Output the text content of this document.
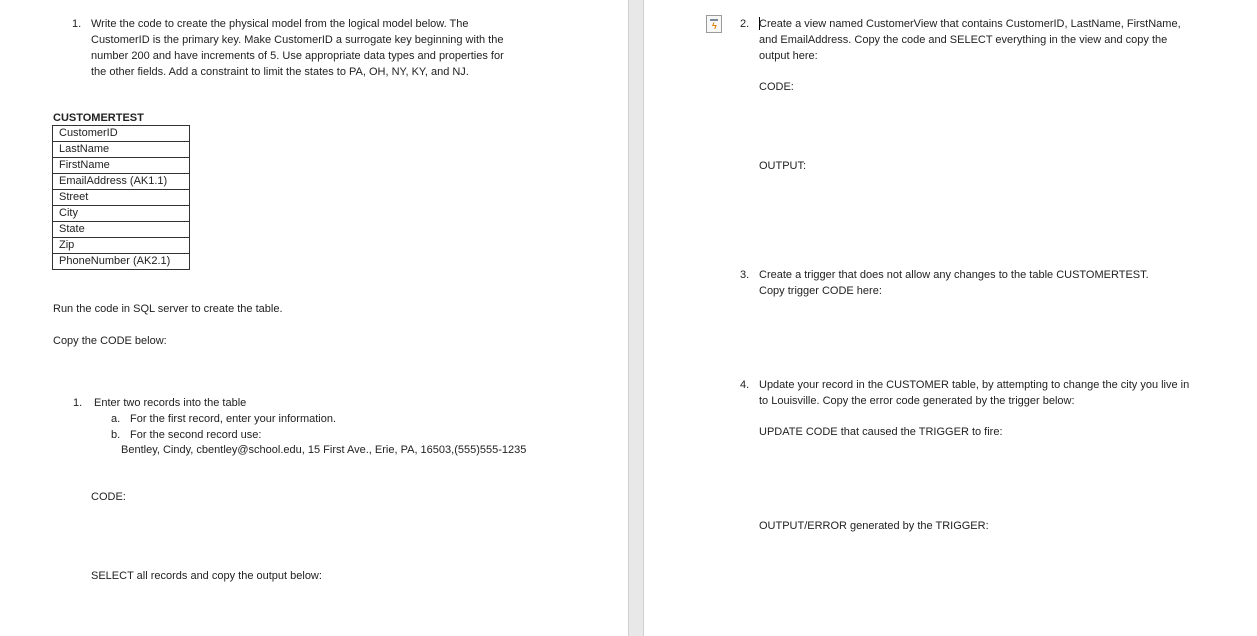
1. Write the code to create the physical model from the logical model below. The
CustomerID is the primary key. Make CustomerID a surrogate key beginning with the
number 200 and have increments of 5. Use appropriate data types and properties for
the other fields. Add a constraint to limit the states to PA, OH, NY, KY, and NJ.
CUSTOMERTEST
CustomerID
LastName
FirstName
EmailAddress (AK1.1)
Street
City
State
Zip
PhoneNumber (AK2.1)
Run the code in SQL server to create the table.
Copy the CODE below:
1. Enter two records into the table
a. For the first record, enter your information.
b. For the second record use:
Bentley, Cindy, cbentley@school.edu, 15 First Ave., Erie, PA, 16503,(555)555-1235
CODE:
SELECT all records and copy the output below:
ϟ 2. Create a view named CustomerView that contains CustomerID, LastName, FirstName,
and EmailAddress. Copy the code and SELECT everything in the view and copy the
output here:
CODE:
OUTPUT:
3. Create a trigger that does not allow any changes to the table CUSTOMERTEST.
Copy trigger CODE here:
4. Update your record in the CUSTOMER table, by attempting to change the city you live in
to Louisville. Copy the error code generated by the trigger below:
UPDATE CODE that caused the TRIGGER to fire:
OUTPUT/ERROR generated by the TRIGGER:
